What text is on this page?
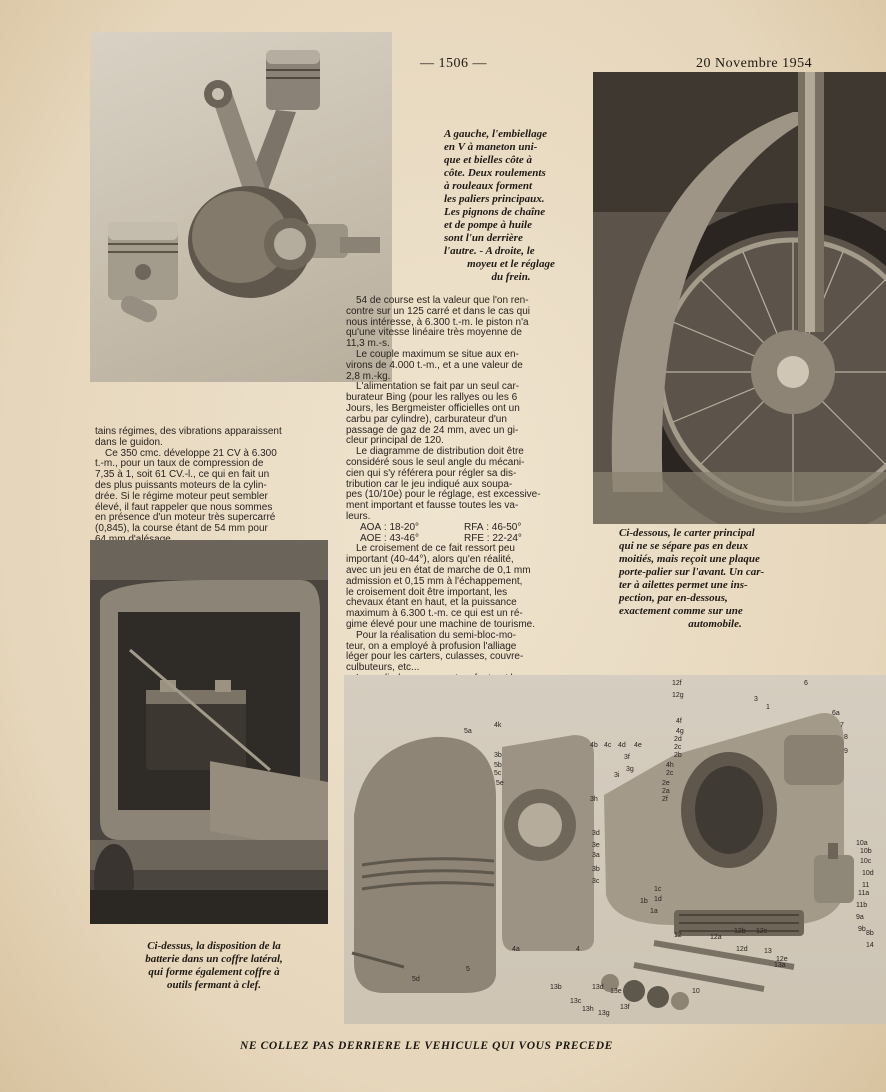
— 1506 —	20 Novembre 1954
A gauche, l'embiellage
en V à maneton uni-
que et bielles côte à
côte. Deux roulements
à rouleaux forment
les paliers principaux.
Les pignons de chaîne
et de pompe à huile
sont l'un derrière
l'autre. - A droite, le
moyeu et le réglage
du frein.
Ci-dessous, le carter principal
qui ne se sépare pas en deux
moitiés, mais reçoit une plaque
porte-palier sur l'avant. Un car-
ter à ailettes permet une ins-
pection, par en-dessous,
exactement comme sur une
automobile.

tains régimes, des vibrations apparaissent

dans le guidon.

Ce 350 cmc. développe 21 CV à 6.300

t.-m., pour un taux de compression de

7,35 à 1, soit 61 CV.-l., ce qui en fait un

des plus puissants moteurs de la cylin-

drée. Si le régime moteur peut sembler

élevé, il faut rappeler que nous sommes

en présence d'un moteur très supercarré

(0,845), la course étant de 54 mm pour

54 de course est la valeur que l'on ren-

contre sur un 125 carré et dans le cas qui

nous intéresse, à 6.300 t.-m. le piston n'a

qu'une vitesse linéaire très moyenne de

11,3 m.-s.

Le couple maximum se situe aux en-

virons de 4.000 t.-m., et a une valeur de

2,8 m.-kg.

L'alimentation se fait par un seul car-

burateur Bing (pour les rallyes ou les 6

Jours, les Bergmeister officielles ont un

carbu par cylindre), carburateur d'un

passage de gaz de 24 mm, avec un gi-

cleur principal de 120.

Le diagramme de distribution doit être

considéré sous le seul angle du mécani-

cien qui s'y référera pour régler sa dis-

tribution car le jeu indiqué aux soupa-

pes (10/10e) pour le réglage, est excessive-

ment important et fausse toutes les va-

leurs.

AOA : 18-20°	RFA : 46-50°
AOE : 43-46°	RFE : 22-24°

Le croisement de ce fait ressort peu

important (40-44°), alors qu'en réalité,

avec un jeu en état de marche de 0,1 mm

admission et 0,15 mm à l'échappement,

le croisement doit être important, les

chevaux étant en haut, et la puissance

maximum à 6.300 t.-m. ce qui est un ré-

gime élevé pour une machine de tourisme.

Pour la réalisation du semi-bloc-mo-

teur, on a employé à profusion l'alliage

léger pour les carters, culasses, couvre-

culbuteurs, etc...

Ci-dessus, la disposition de la
batterie dans un coffre latéral,
qui forme également coffre à
outils fermant à clef.
12f
12g
4f
4g
2d
2c
2b
4h
2c
2e
2a
2f
3h
4b 4c 4d 4e
3
1
6
6a
7
8
9
5a
4k
3b
5b
5c
5e
3i
3d
3e
3a
3b
3c
1b
1a
1c
1d
3f
3g
4a	4
5
5d
12	12a
12b 12c
12d
12e
13
13a
13b
13c
13d
13e
13f
13g
13h
10
10a
10b
10c
10d
11
11a
11b
9a
9b
8b
14
NE COLLEZ PAS DERRIERE LE VEHICULE QUI VOUS PRECEDE
